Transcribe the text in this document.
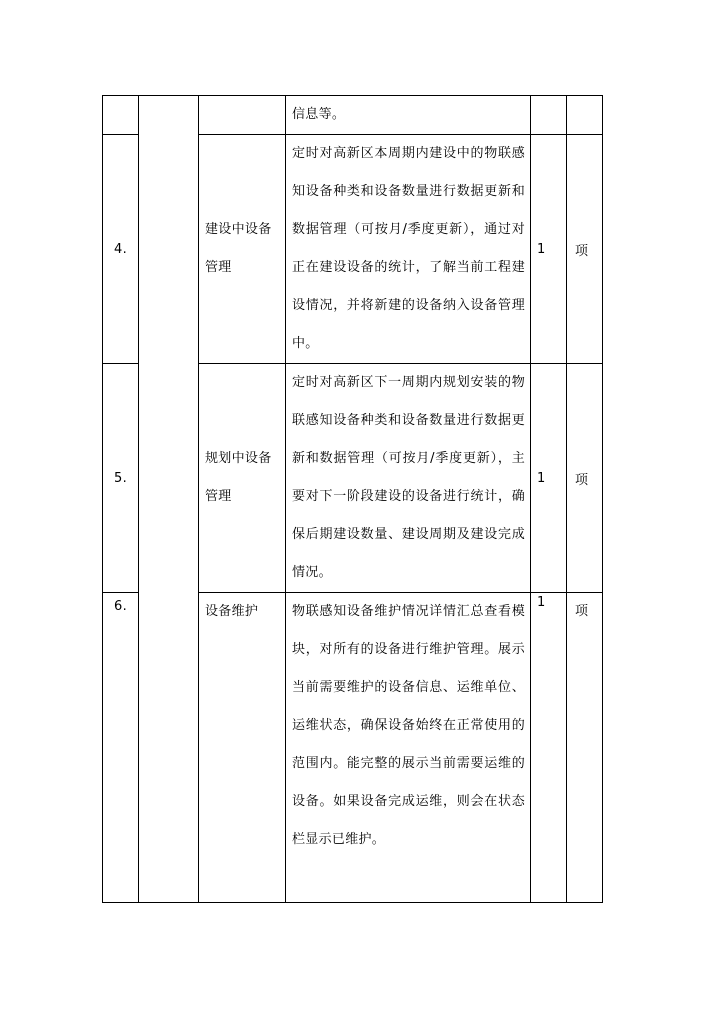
			信息等。		
4.		建设中设备管理	定时对高新区本周期内建设中的物联感知设备种类和设备数量进行数据更新和数据管理（可按月/季度更新），通过对正在建设设备的统计，了解当前工程建设情况，并将新建的设备纳入设备管理中。	1	项
5.		规划中设备管理	定时对高新区下一周期内规划安装的物联感知设备种类和设备数量进行数据更新和数据管理（可按月/季度更新），主要对下一阶段建设的设备进行统计，确保后期建设数量、建设周期及建设完成情况。	1	项
6.		设备维护	物联感知设备维护情况详情汇总查看模块，对所有的设备进行维护管理。展示当前需要维护的设备信息、运维单位、运维状态，确保设备始终在正常使用的范围内。能完整的展示当前需要运维的设备。如果设备完成运维，则会在状态栏显示已维护。	1	项
